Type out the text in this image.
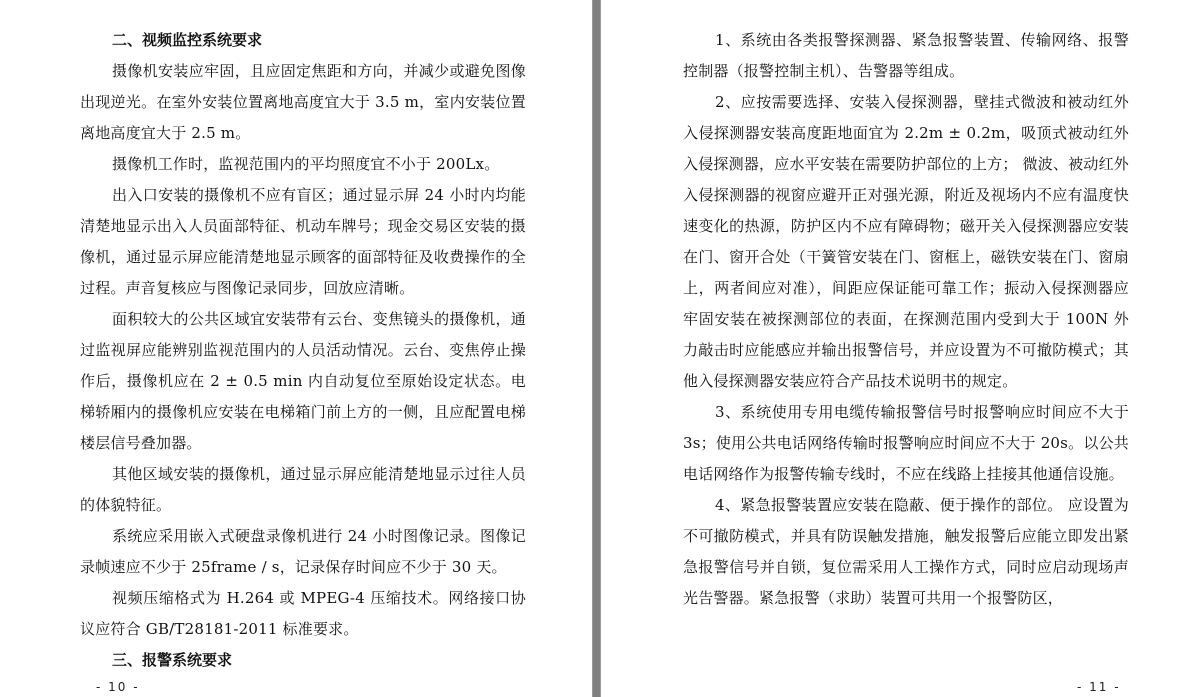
二、视频监控系统要求

摄像机安装应牢固，且应固定焦距和方向，并减少或避免图像出现逆光。在室外安装位置离地高度宜大于 3.5 m，室内安装位置离地高度宜大于 2.5 m。

摄像机工作时，监视范围内的平均照度宜不小于 200Lx。

出入口安装的摄像机不应有盲区；通过显示屏 24 小时内均能清楚地显示出入人员面部特征、机动车牌号；现金交易区安装的摄像机，通过显示屏应能清楚地显示顾客的面部特征及收费操作的全过程。声音复核应与图像记录同步，回放应清晰。

面积较大的公共区域宜安装带有云台、变焦镜头的摄像机，通过监视屏应能辨别监视范围内的人员活动情况。云台、变焦停止操作后，摄像机应在 2 ± 0.5 min 内自动复位至原始设定状态。电梯轿厢内的摄像机应安装在电梯箱门前上方的一侧，且应配置电梯楼层信号叠加器。

其他区域安装的摄像机，通过显示屏应能清楚地显示过往人员的体貌特征。

系统应采用嵌入式硬盘录像机进行 24 小时图像记录。图像记录帧速应不少于 25frame / s，记录保存时间应不少于 30 天。

视频压缩格式为 H.264 或 MPEG-4 压缩技术。网络接口协议应符合 GB/T28181-2011 标准要求。

三、报警系统要求

- 10 -

1、系统由各类报警探测器、紧急报警装置、传输网络、报警控制器（报警控制主机）、告警器等组成。

2、应按需要选择、安装入侵探测器，壁挂式微波和被动红外入侵探测器安装高度距地面宜为 2.2m ± 0.2m，吸顶式被动红外入侵探测器，应水平安装在需要防护部位的上方； 微波、被动红外入侵探测器的视窗应避开正对强光源，附近及视场内不应有温度快速变化的热源，防护区内不应有障碍物；磁开关入侵探测器应安装在门、窗开合处（干簧管安装在门、窗框上，磁铁安装在门、窗扇上，两者间应对准），间距应保证能可靠工作；振动入侵探测器应牢固安装在被探测部位的表面，在探测范围内受到大于 100N 外力敲击时应能感应并输出报警信号，并应设置为不可撤防模式；其他入侵探测器安装应符合产品技术说明书的规定。

3、系统使用专用电缆传输报警信号时报警响应时间应不大于 3s；使用公共电话网络传输时报警响应时间应不大于 20s。以公共电话网络作为报警传输专线时，不应在线路上挂接其他通信设施。

4、紧急报警装置应安装在隐蔽、便于操作的部位。 应设置为不可撤防模式，并具有防误触发措施，触发报警后应能立即发出紧急报警信号并自锁，复位需采用人工操作方式，同时应启动现场声光告警器。紧急报警（求助）装置可共用一个报警防区，

- 11 -
